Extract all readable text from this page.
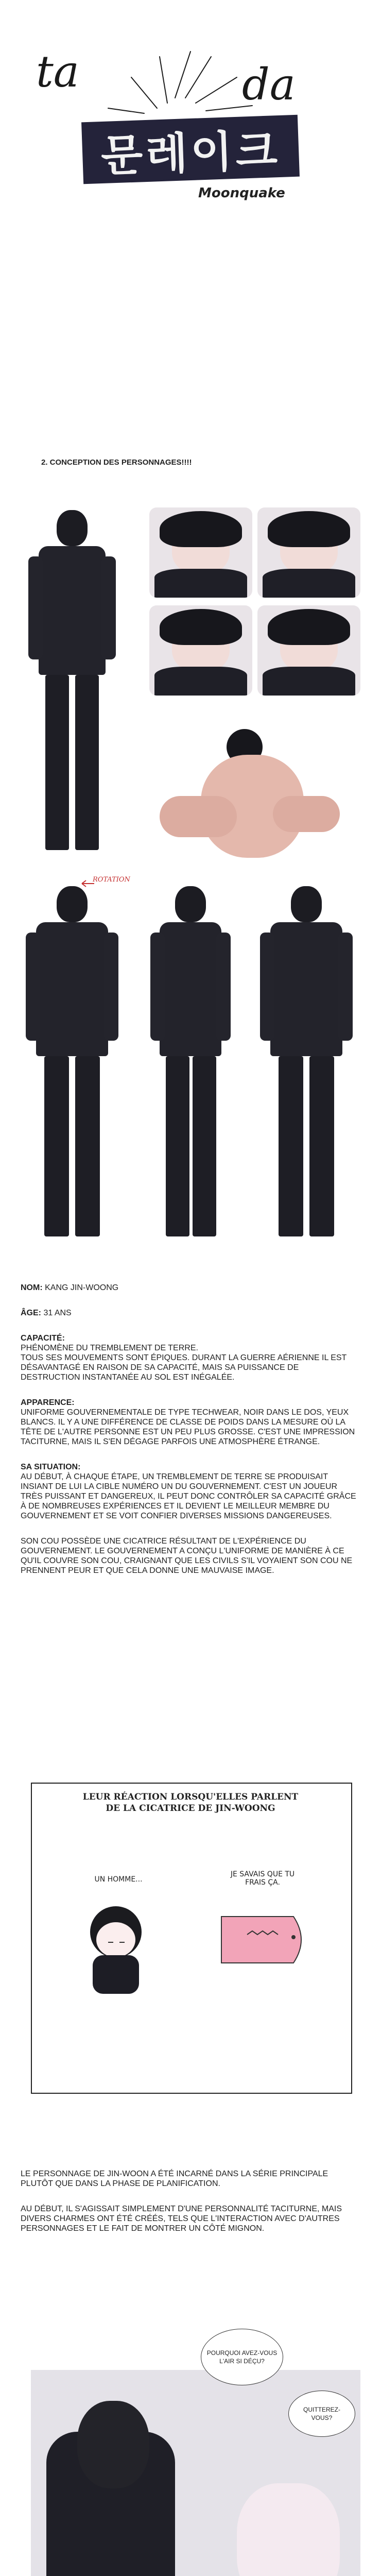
ta	da
문레이크
Moonquake
2. CONCEPTION DES PERSONNAGES!!!!
ROTATION

NOM: KANG JIN-WOONG

ÂGE: 31 ANS

CAPACITÉ:

PHÉNOMÈNE DU TREMBLEMENT DE TERRE.
TOUS SES MOUVEMENTS SONT ÉPIQUES. DURANT LA GUERRE AÉRIENNE IL EST DÉSAVANTAGÉ EN RAISON DE SA CAPACITÉ, MAIS SA PUISSANCE DE DESTRUCTION INSTANTANÉE AU SOL EST INÉGALÉE.

APPARENCE:

UNIFORME GOUVERNEMENTALE DE TYPE TECHWEAR, NOIR DANS LE DOS, YEUX BLANCS. IL Y A UNE DIFFÉRENCE DE CLASSE DE POIDS DANS LA MESURE OÙ LA TÊTE DE L'AUTRE PERSONNE EST UN PEU PLUS GROSSE. C'EST UNE IMPRESSION TACITURNE, MAIS IL S'EN DÉGAGE PARFOIS UNE ATMOSPHÈRE ÉTRANGE.

SA SITUATION:

AU DÉBUT, À CHAQUE ÉTAPE, UN TREMBLEMENT DE TERRE SE PRODUISAIT INSIANT DE LUI LA CIBLE NUMÉRO UN DU GOUVERNEMENT. C'EST UN JOUEUR TRÈS PUISSANT ET DANGEREUX, IL PEUT DONC CONTRÔLER SA CAPACITÉ GRÂCE À DE NOMBREUSES EXPÉRIENCES ET IL DEVIENT LE MEILLEUR MEMBRE DU GOUVERNEMENT ET SE VOIT CONFIER DIVERSES MISSIONS DANGEREUSES.

SON COU POSSÈDE UNE CICATRICE RÉSULTANT DE L'EXPÉRIENCE DU GOUVERNEMENT. LE GOUVERNEMENT A CONÇU L'UNIFORME DE MANIÈRE À CE QU'IL COUVRE SON COU, CRAIGNANT QUE LES CIVILS S'IL VOYAIENT SON COU NE PRENNENT PEUR ET QUE CELA DONNE UNE MAUVAISE IMAGE.

LEUR RÉACTION LORSQU'ELLES PARLENT DE LA CICATRICE DE JIN-WOONG
UN HOMME...
JE SAVAIS QUE TU FRAIS ÇA.

LE PERSONNAGE DE JIN-WOON A ÉTÉ INCARNÉ DANS LA SÉRIE PRINCIPALE PLUTÔT QUE DANS LA PHASE DE PLANIFICATION.

AU DÉBUT, IL S'AGISSAIT SIMPLEMENT D'UNE PERSONNALITÉ TACITURNE, MAIS DIVERS CHARMES ONT ÉTÉ CRÉÉS, TELS QUE L'INTERACTION AVEC D'AUTRES PERSONNAGES ET LE FAIT DE MONTRER UN CÔTÉ MIGNON.

POURQUOI AVEZ-VOUS L'AIR SI DÉÇU?
QUITTEREZ-VOUS?
